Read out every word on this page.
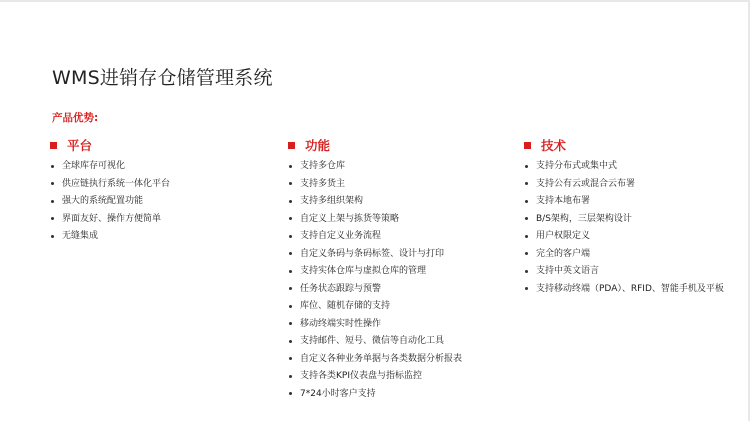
WMS进销存仓储管理系统
产品优势:
平台
全球库存可视化
供应链执行系统一体化平台
强大的系统配置功能
界面友好、操作方便简单
无缝集成
功能
支持多仓库
支持多货主
支持多组织架构
自定义上架与拣货等策略
支持自定义业务流程
自定义条码与条码标签、设计与打印
支持实体仓库与虚拟仓库的管理
任务状态跟踪与预警
库位、随机存储的支持
移动终端实时性操作
支持邮件、短号、微信等自动化工具
自定义各种业务单据与各类数据分析报表
支持各类KPI仪表盘与指标监控
7*24小时客户支持
技术
支持分布式或集中式
支持公有云或混合云布署
支持本地布署
B/S架构，三层架构设计
用户权限定义
完全的客户端
支持中英文语言
支持移动终端（PDA）、RFID、智能手机及平板
